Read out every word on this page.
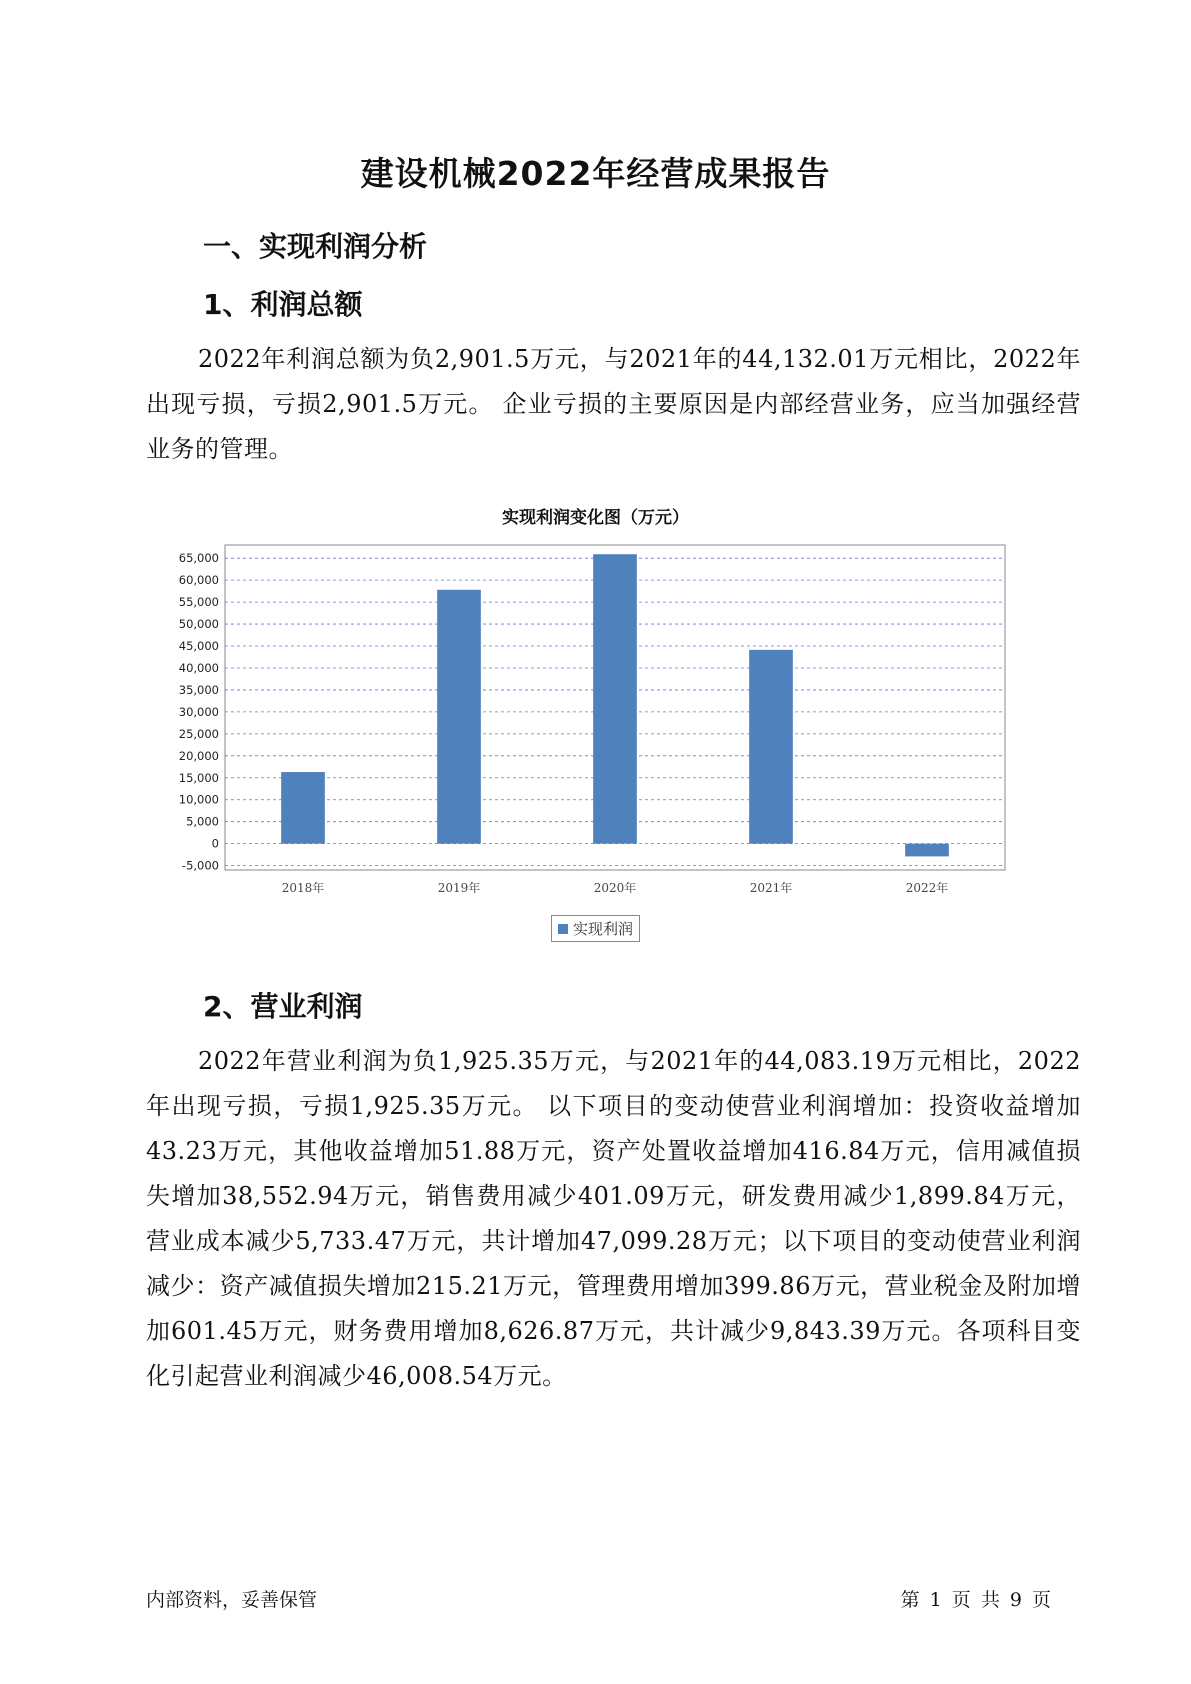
建设机械2022年经营成果报告
一、实现利润分析
1、利润总额

2022年利润总额为负2,901.5万元，与2021年的44,132.01万元相比，2022年出现亏损，亏损2,901.5万元。 企业亏损的主要原因是内部经营业务，应当加强经营业务的管理。

实现利润变化图（万元）
-5,000
0
5,000
10,000
15,000
20,000
25,000
30,000
35,000
40,000
45,000
50,000
55,000
60,000
65,000
2018年	2019年	2020年	2021年	2022年
实现利润
2、营业利润

2022年营业利润为负1,925.35万元，与2021年的44,083.19万元相比，2022年出现亏损，亏损1,925.35万元。 以下项目的变动使营业利润增加：投资收益增加43.23万元，其他收益增加51.88万元，资产处置收益增加416.84万元，信用减值损失增加38,552.94万元，销售费用减少401.09万元，研发费用减少1,899.84万元，营业成本减少5,733.47万元，共计增加47,099.28万元；以下项目的变动使营业利润减少：资产减值损失增加215.21万元，管理费用增加399.86万元，营业税金及附加增加601.45万元，财务费用增加8,626.87万元，共计减少9,843.39万元。各项科目变化引起营业利润减少46,008.54万元。

内部资料，妥善保管	第 1 页 共 9 页
